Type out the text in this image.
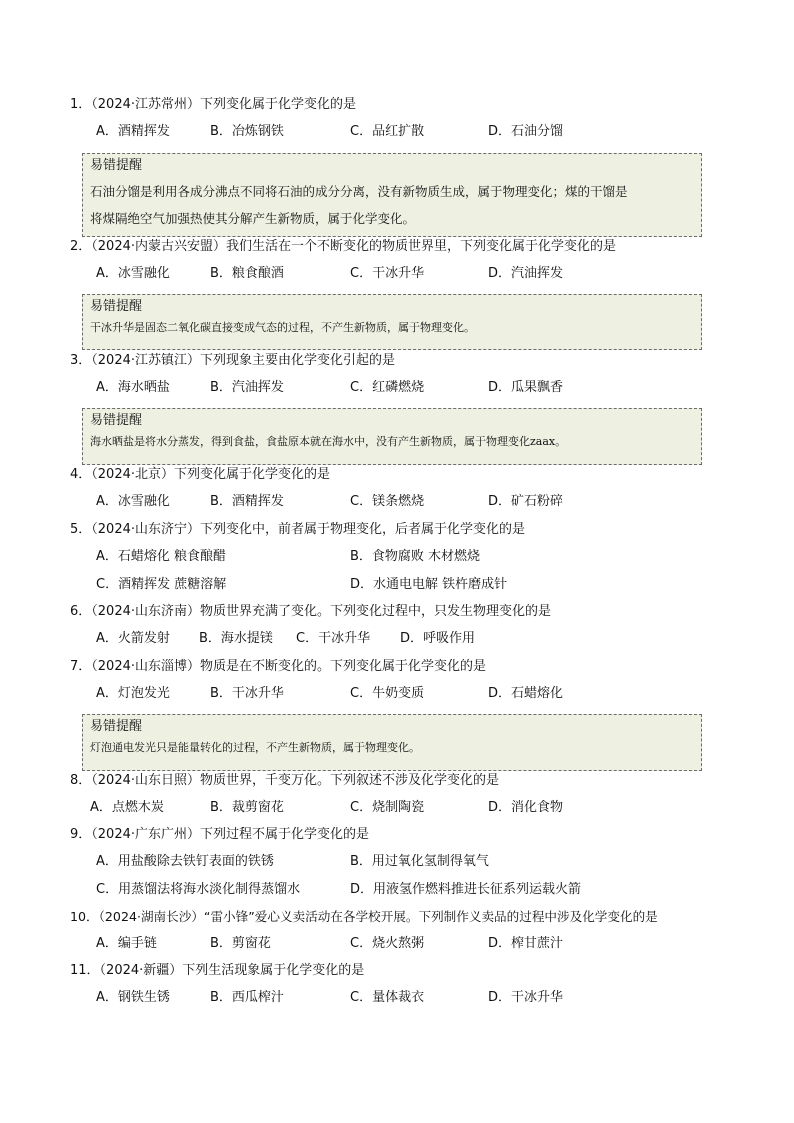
1．（2024·江苏常州）下列变化属于化学变化的是
A．酒精挥发	B．冶炼钢铁	C．品红扩散	D．石油分馏
易错提醒
石油分馏是利用各成分沸点不同将石油的成分分离，没有新物质生成，属于物理变化；煤的干馏是
将煤隔绝空气加强热使其分解产生新物质，属于化学变化。
2．（2024·内蒙古兴安盟）我们生活在一个不断变化的物质世界里，下列变化属于化学变化的是
A．冰雪融化	B．粮食酿酒	C．干冰升华	D．汽油挥发
易错提醒
干冰升华是固态二氧化碳直接变成气态的过程，不产生新物质，属于物理变化。
3．（2024·江苏镇江）下列现象主要由化学变化引起的是
A．海水晒盐	B．汽油挥发	C．红磷燃烧	D．瓜果飘香
易错提醒
海水晒盐是将水分蒸发，得到食盐，食盐原本就在海水中，没有产生新物质，属于物理变化zaax。
4．（2024·北京）下列变化属于化学变化的是
A．冰雪融化	B．酒精挥发	C．镁条燃烧	D．矿石粉碎
5．（2024·山东济宁）下列变化中，前者属于物理变化，后者属于化学变化的是
A．石蜡熔化 粮食酿醋	B．食物腐败 木材燃烧
C．酒精挥发 蔗糖溶解	D．水通电电解 铁杵磨成针
6．（2024·山东济南）物质世界充满了变化。下列变化过程中，只发生物理变化的是
A．火箭发射 B．海水提镁 C．干冰升华 D．呼吸作用
7．（2024·山东淄博）物质是在不断变化的。下列变化属于化学变化的是
A．灯泡发光	B．干冰升华	C．牛奶变质	D．石蜡熔化
易错提醒
灯泡通电发光只是能量转化的过程，不产生新物质，属于物理变化。
8．（2024·山东日照）物质世界，千变万化。下列叙述不涉及化学变化的是
A．点燃木炭	B．裁剪窗花	C．烧制陶瓷	D．消化食物
9．（2024·广东广州）下列过程不属于化学变化的是
A．用盐酸除去铁钉表面的铁锈	B．用过氧化氢制得氧气
C．用蒸馏法将海水淡化制得蒸馏水	D．用液氢作燃料推进长征系列运载火箭
10．（2024·湖南长沙）“雷小锋”爱心义卖活动在各学校开展。下列制作义卖品的过程中涉及化学变化的是
A．编手链	B．剪窗花	C．烧火熬粥	D．榨甘蔗汁
11．（2024·新疆）下列生活现象属于化学变化的是
A．钢铁生锈	B．西瓜榨汁	C．量体裁衣	D．干冰升华
